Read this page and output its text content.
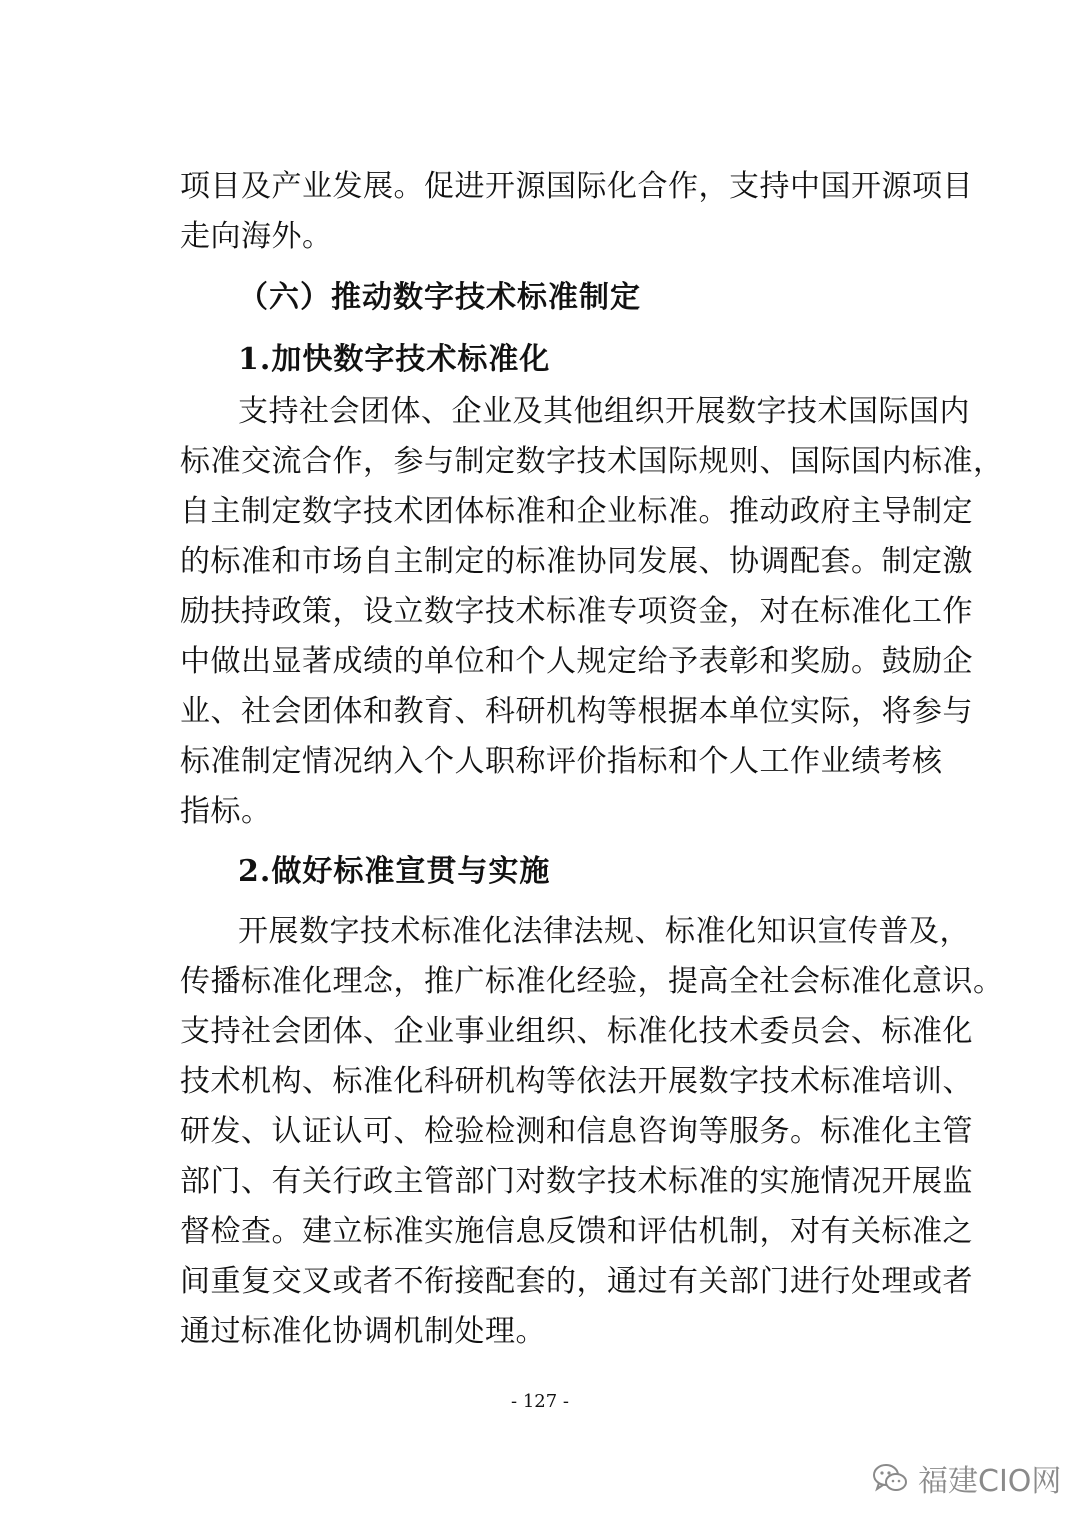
项目及产业发展。促进开源国际化合作，支持中国开源项目
走向海外。
（六）推动数字技术标准制定
1.加快数字技术标准化
支持社会团体、企业及其他组织开展数字技术国际国内
标准交流合作，参与制定数字技术国际规则、国际国内标准，
自主制定数字技术团体标准和企业标准。推动政府主导制定
的标准和市场自主制定的标准协同发展、协调配套。制定激
励扶持政策，设立数字技术标准专项资金，对在标准化工作
中做出显著成绩的单位和个人规定给予表彰和奖励。鼓励企
业、社会团体和教育、科研机构等根据本单位实际，将参与
标准制定情况纳入个人职称评价指标和个人工作业绩考核
指标。
2.做好标准宣贯与实施
开展数字技术标准化法律法规、标准化知识宣传普及，
传播标准化理念，推广标准化经验，提高全社会标准化意识。
支持社会团体、企业事业组织、标准化技术委员会、标准化
技术机构、标准化科研机构等依法开展数字技术标准培训、
研发、认证认可、检验检测和信息咨询等服务。标准化主管
部门、有关行政主管部门对数字技术标准的实施情况开展监
督检查。建立标准实施信息反馈和评估机制，对有关标准之
间重复交叉或者不衔接配套的，通过有关部门进行处理或者
通过标准化协调机制处理。
- 127 -
福建CIO网
